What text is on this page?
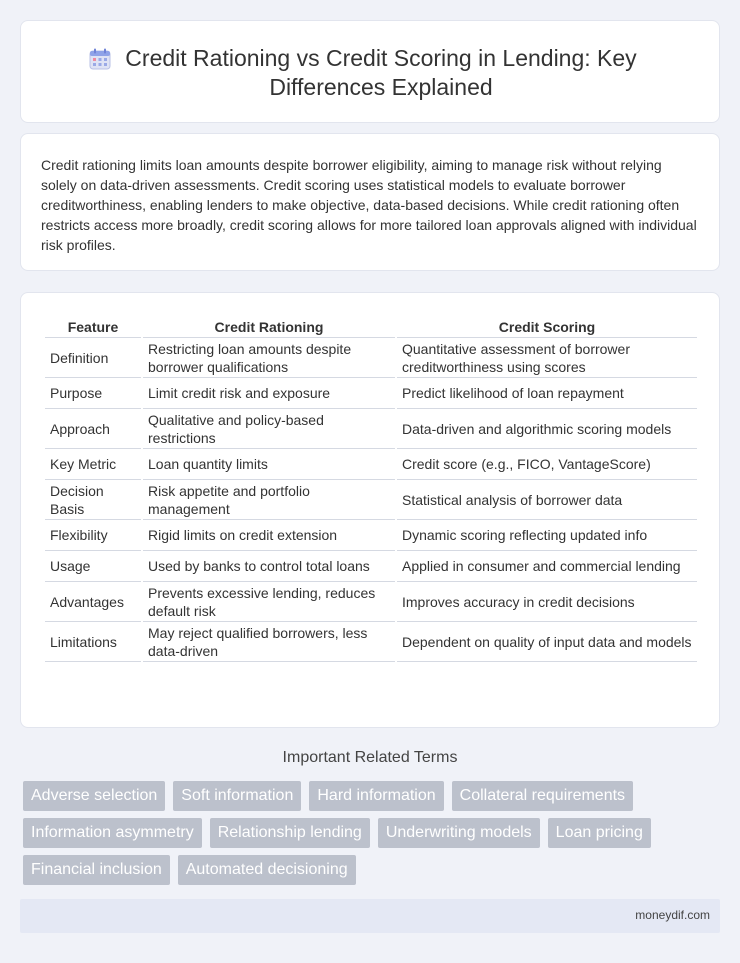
Credit Rationing vs Credit Scoring in Lending: Key Differences Explained

Credit rationing limits loan amounts despite borrower eligibility, aiming to manage risk without relying solely on data-driven assessments. Credit scoring uses statistical models to evaluate borrower creditworthiness, enabling lenders to make objective, data-based decisions. While credit rationing often restricts access more broadly, credit scoring allows for more tailored loan approvals aligned with individual risk profiles.

Feature	Credit Rationing	Credit Scoring
Definition	Restricting loan amounts despite borrower qualifications	Quantitative assessment of borrower creditworthiness using scores
Purpose	Limit credit risk and exposure	Predict likelihood of loan repayment
Approach	Qualitative and policy-based restrictions	Data-driven and algorithmic scoring models
Key Metric	Loan quantity limits	Credit score (e.g., FICO, VantageScore)
Decision Basis	Risk appetite and portfolio management	Statistical analysis of borrower data
Flexibility	Rigid limits on credit extension	Dynamic scoring reflecting updated info
Usage	Used by banks to control total loans	Applied in consumer and commercial lending
Advantages	Prevents excessive lending, reduces default risk	Improves accuracy in credit decisions
Limitations	May reject qualified borrowers, less data-driven	Dependent on quality of input data and models
Important Related Terms
Adverse selection	Soft information	Hard information	Collateral requirements
Information asymmetry	Relationship lending	Underwriting models	Loan pricing
Financial inclusion	Automated decisioning
moneydif.com
